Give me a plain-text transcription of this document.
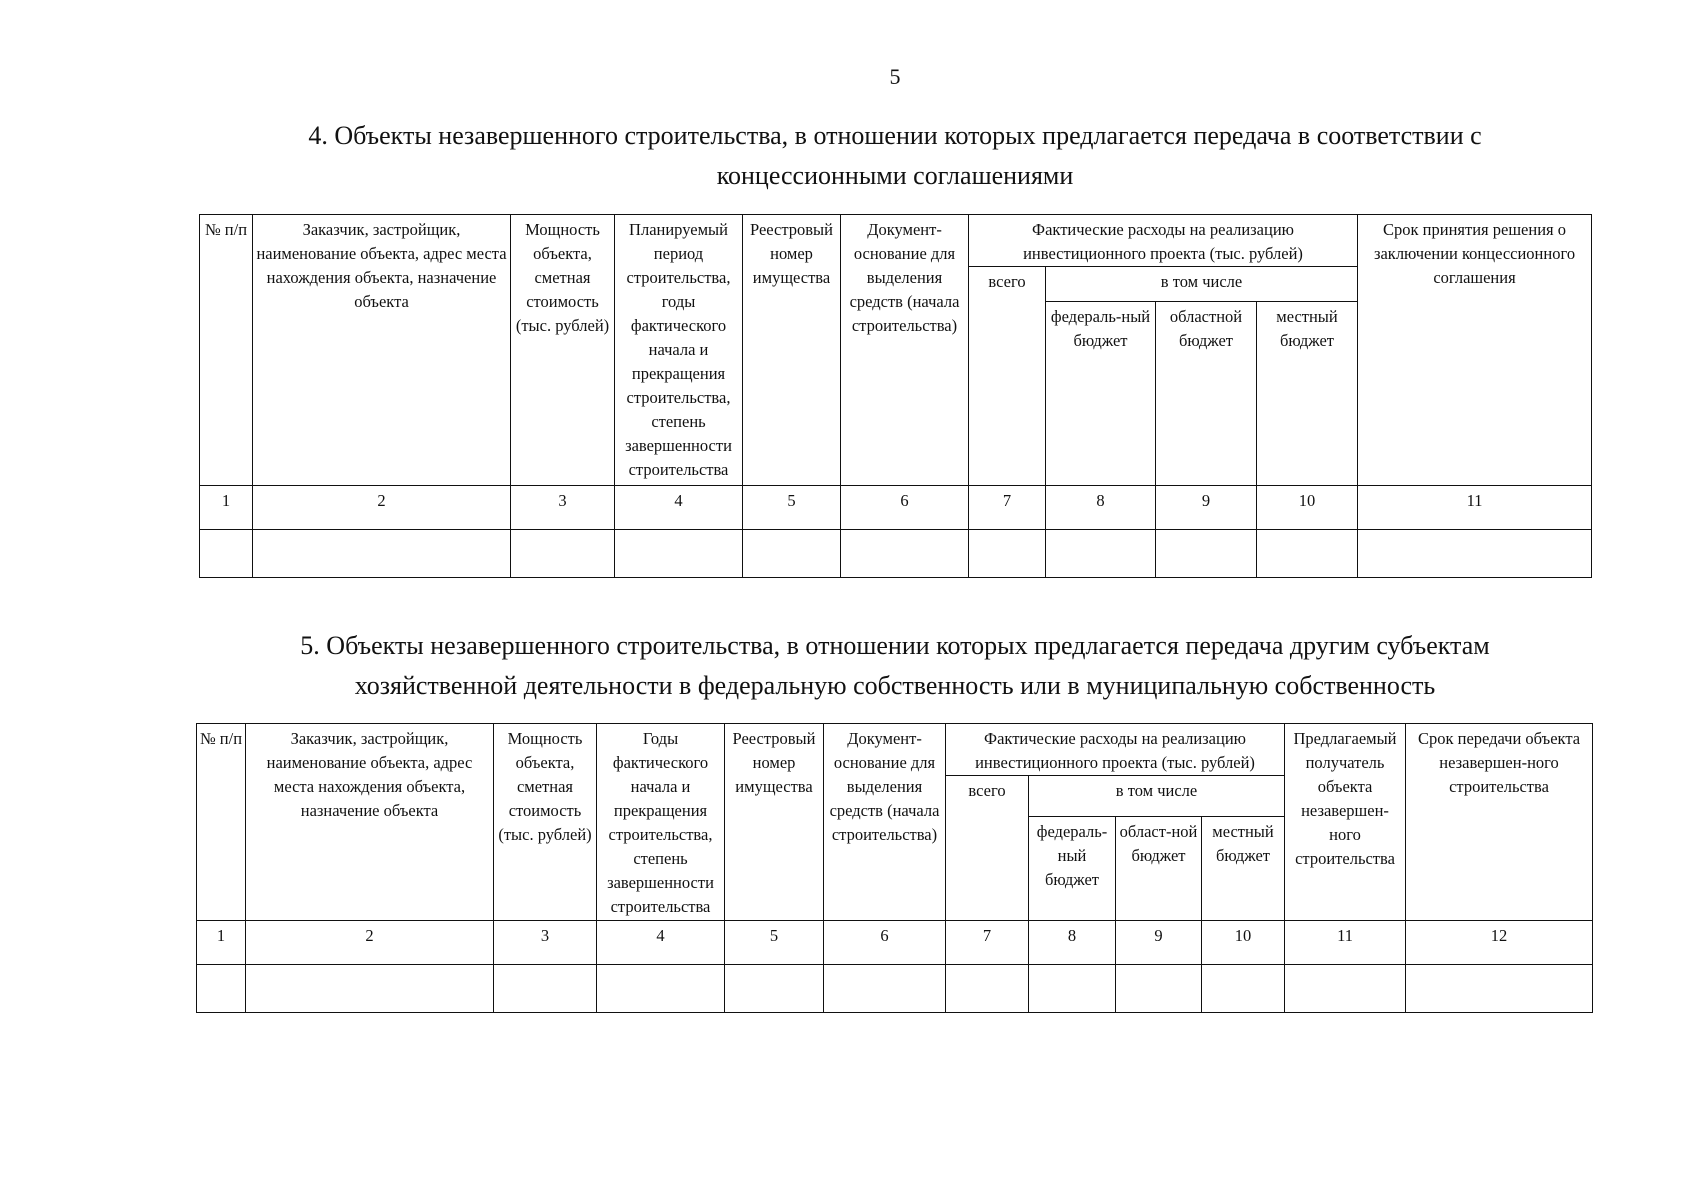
5
4. Объекты незавершенного строительства, в отношении которых предлагается передача в соответствии с
концессионными соглашениями
№ п/п	Заказчик, застройщик, наименование объекта, адрес места нахождения объекта, назначение объекта	Мощность объекта, сметная стоимость (тыс. рублей)	Планируемый период строительства, годы фактического начала и прекращения строительства, степень завершенности строительства	Реестровый номер имущества	Документ-основание для выделения средств (начала строительства)	Фактические расходы на реализацию инвестиционного проекта (тыс. рублей)				Срок принятия решения о заключении концессионного соглашения
						всего	в том числе			
							федераль-ный бюджет	областной бюджет	местный бюджет	
1	2	3	4	5	6	7	8	9	10	11

5. Объекты незавершенного строительства, в отношении которых предлагается передача другим субъектам
хозяйственной деятельности в федеральную собственность или в муниципальную собственность
№ п/п	Заказчик, застройщик, наименование объекта, адрес места нахождения объекта, назначение объекта	Мощность объекта, сметная стоимость (тыс. рублей)	Годы фактического начала и прекращения строительства, степень завершенности строительства	Реестровый номер имущества	Документ-основание для выделения средств (начала строительства)	Фактические расходы на реализацию инвестиционного проекта (тыс. рублей)				Предлагаемый получатель объекта незавершен-ного строительства	Срок передачи объекта незавершен-ного строительства
						всего	в том числе				
							федераль-ный бюджет	област-ной бюджет	местный бюджет		
1	2	3	4	5	6	7	8	9	10	11	12
